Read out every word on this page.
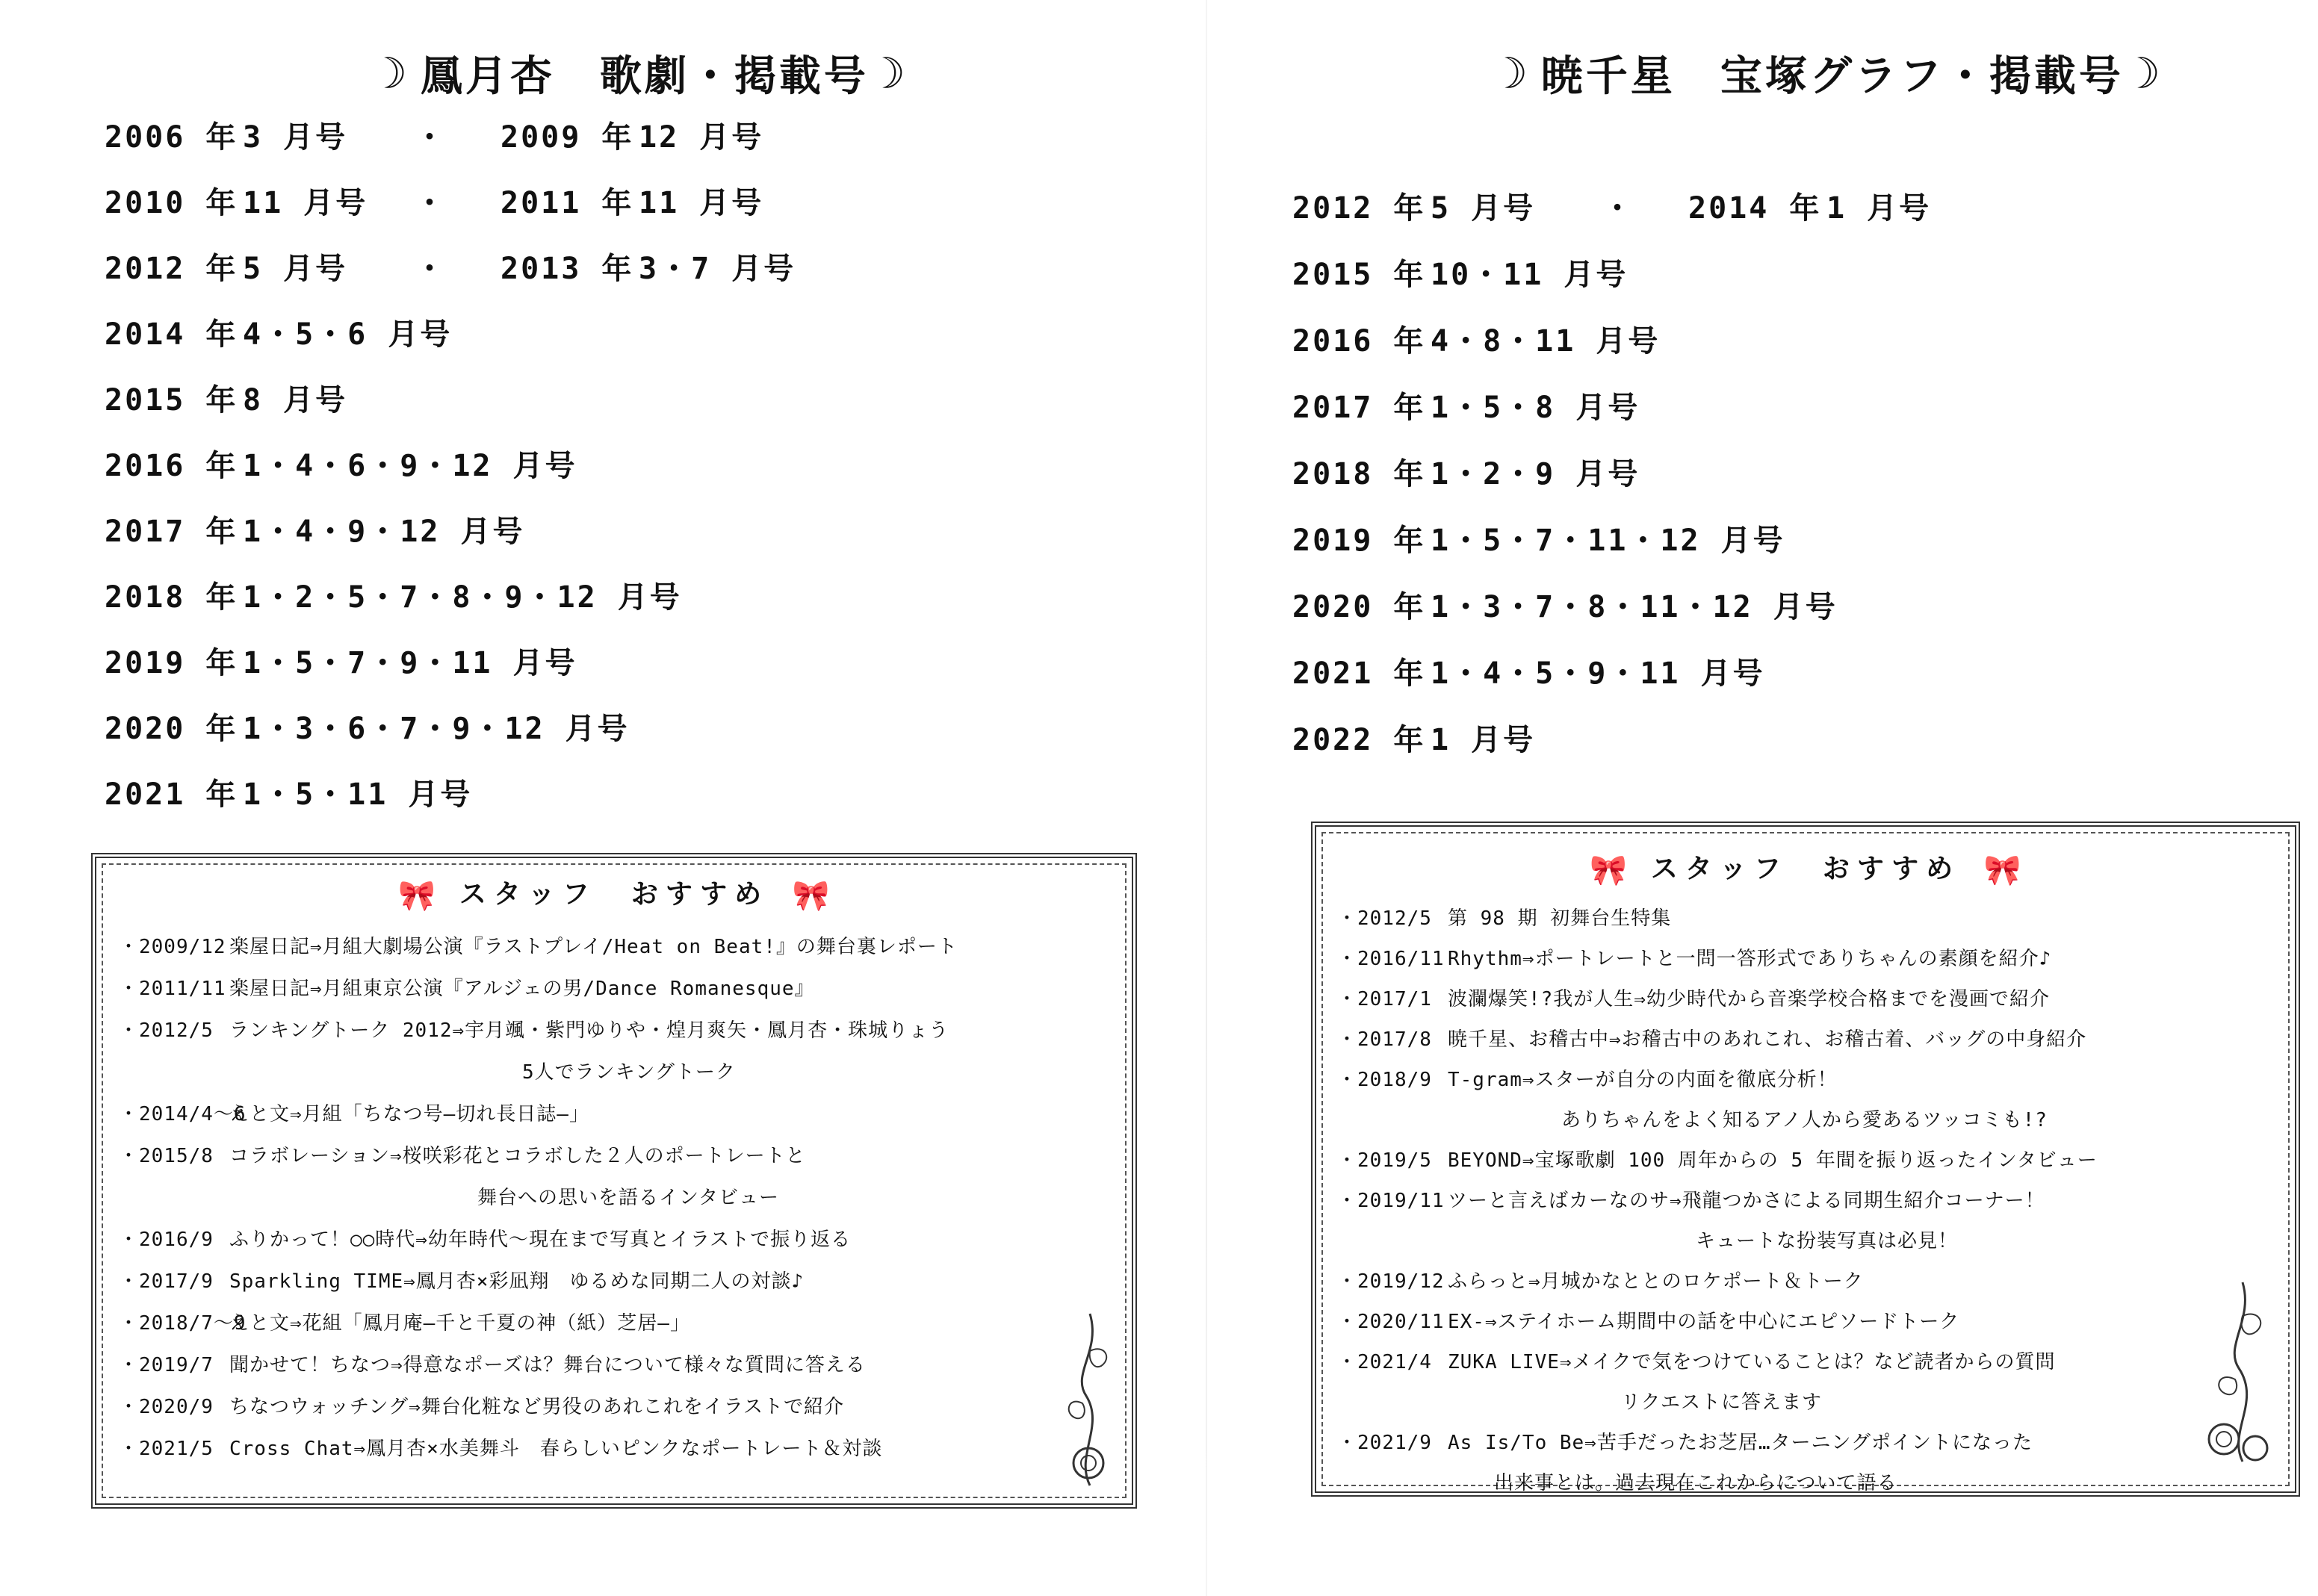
☽ 鳳月杏　歌劇・掲載号 ☽
2006 年 3 月号	・	2009 年 12 月号
2010 年 11 月号	・	2011 年 11 月号
2012 年 5 月号	・	2013 年 3・7 月号
2014 年 4・5・6 月号
2015 年 8 月号
2016 年 1・4・6・9・12 月号
2017 年 1・4・9・12 月号
2018 年 1・2・5・7・8・9・12 月号
2019 年 1・5・7・9・11 月号
2020 年 1・3・6・7・9・12 月号
2021 年 1・5・11 月号
🎀 スタッフ　おすすめ 🎀
・2009/12 楽屋日記⇒月組大劇場公演『ラストプレイ/Heat on Beat!』の舞台裏レポート
・2011/11 楽屋日記⇒月組東京公演『アルジェの男/Dance Romanesque』
・2012/5 ランキングトーク 2012⇒宇月颯・紫門ゆりや・煌月爽矢・鳳月杏・珠城りょう
5人でランキングトーク
・2014/4～6
えと文⇒月組「ちなつ号―切れ長日誌―」
・2015/8 コラボレーション⇒桜咲彩花とコラボした２人のポートレートと
舞台への思いを語るインタビュー
・2016/9 ふりかって！○○時代⇒幼年時代～現在まで写真とイラストで振り返る
・2017/9 Sparkling TIME⇒鳳月杏×彩凪翔　ゆるめな同期二人の対談♪
・2018/7～9
えと文⇒花組「鳳月庵―千と千夏の神（紙）芝居―」
・2019/7 聞かせて！ちなつ⇒得意なポーズは？舞台について様々な質問に答える
・2020/9 ちなつウォッチング⇒舞台化粧など男役のあれこれをイラストで紹介
・2021/5 Cross Chat⇒鳳月杏×水美舞斗　春らしいピンクなポートレート＆対談
☽ 暁千星　宝塚グラフ・掲載号 ☽
2012 年 5 月号	・	2014 年 1 月号
2015 年 10・11 月号
2016 年 4・8・11 月号
2017 年 1・5・8 月号
2018 年 1・2・9 月号
2019 年 1・5・7・11・12 月号
2020 年 1・3・7・8・11・12 月号
2021 年 1・4・5・9・11 月号
2022 年 1 月号
🎀 スタッフ　おすすめ 🎀
・2012/5 第 98 期 初舞台生特集
・2016/11 Rhythm⇒ポートレートと一問一答形式でありちゃんの素顔を紹介♪
・2017/1 波瀾爆笑!?我が人生⇒幼少時代から音楽学校合格までを漫画で紹介
・2017/8 暁千星、お稽古中⇒お稽古中のあれこれ、お稽古着、バッグの中身紹介
・2018/9 T-gram⇒スターが自分の内面を徹底分析！
ありちゃんをよく知るアノ人から愛あるツッコミも!?
・2019/5 BEYOND⇒宝塚歌劇 100 周年からの 5 年間を振り返ったインタビュー
・2019/11 ツーと言えばカーなのサ⇒飛龍つかさによる同期生紹介コーナー！
キュートな扮装写真は必見！
・2019/12 ふらっと⇒月城かなととのロケポート＆トーク
・2020/11 EX-⇒ステイホーム期間中の話を中心にエピソードトーク
・2021/4 ZUKA LIVE⇒メイクで気をつけていることは？など読者からの質問
リクエストに答えます
・2021/9 As Is/To Be⇒苦手だったお芝居…ターニングポイントになった
出来事とは。過去現在これからについて語る
